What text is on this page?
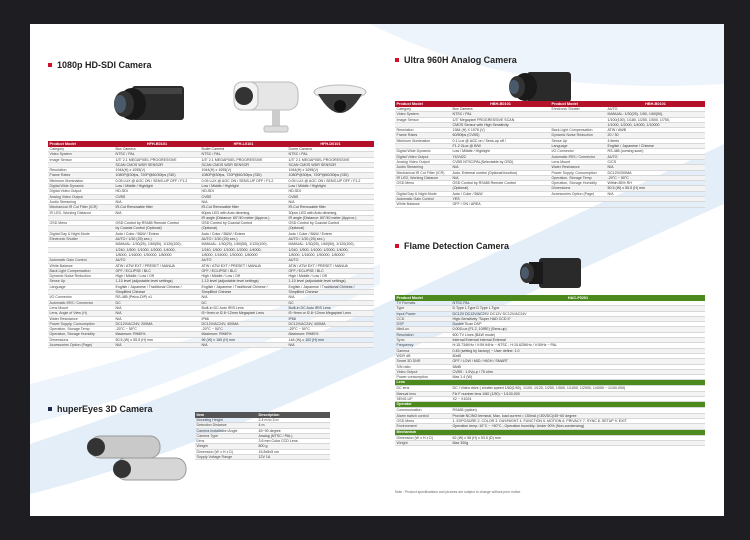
1080p HD-SDI Camera	Ultra 960H Analog Camera
Flame Detection Camera
huperEyes 3D Camera
Product Model	HFH-B0101	HFH-L0101	HFH-D0101
Category	Box Camera	Bullet Camera	Dome Camera
Video System	NTSC / PAL	NTSC / PAL	NTSC / PAL
Image Sensor	1/3" 2.1 MEGAPIXEL PROGRESSIVE	1/3" 2.1 MEGAPIXEL PROGRESSIVE	1/3" 2.1 MEGAPIXEL PROGRESSIVE
	SCAN CMOS WDR SENSOR	SCAN CMOS WDR SENSOR	SCAN CMOS WDR SENSOR
Resolution	1944(H) x 1095(V)	1944(H) x 1095(V)	1944(H) x 1095(V)
Frame Rates	1080P@30fps, 720P@60/30fps (SDI)	1080P@30fps, 720P@60/30fps (SDI)	1080P@30fps, 720P@60/30fps (SDI)
Minimum Illumination	0.05 LUX @ AGC ON / SENS-UP OFF / F1.2	0.05 LUX @ AGC ON / SENS-UP OFF / F1.2	0.05 LUX @ AGC ON / SENS-UP OFF / F1.2
Digital Wide Dynamic	Low / Middle / Highlight	Low / Middle / Highlight	Low / Middle / Highlight
Digital Video Output	HD-SDI	HD-SDI	HD-SDI
Analog Video Output	CVBS	CVBS	CVBS
Audio Streaming	N/A	N/A	N/A
Mechanical IR Cut Filter (ICR)	IR-Cut Removable filter	IR-Cut Removable filter	IR-Cut Removable filter
IR LED, Working Distance	N/A	60pcs LED with Auto dimming,	30pcs LED with Auto dimming,
		IR angle (Distance: 60°/40 meter (Approx.)	IR angle (Distance: 60°/40 meter (Approx.)
OSD Menu	OSD Control by RS485 Remote Control	OSD Control by Coaxial Control	OSD Control by Coaxial Control
	by Coaxial Control (Optional)	(Optional)	(Optional)
Digital Day & Night Mode	Auto / Color / B&W / Extern	Auto / Color / B&W / Extern	Auto / Color / B&W / Extern
Electronic Shutter	AUTO / 1/30 (25) sec.)	AUTO / 1/30 (25) sec.)	AUTO / 1/30 (25) sec.)
	MANUAL: 1/30(25), 1/60(50), 1/120(100),	MANUAL: 1/30(25), 1/60(50), 1/120(100),	MANUAL: 1/30(25), 1/60(50), 1/120(100),
	1/240, 1/500, 1/1000, 1/2000, 1/4000,	1/240, 1/500, 1/1000, 1/2000, 1/4000,	1/240, 1/500, 1/1000, 1/2000, 1/4000,
	1/8000, 1/16000, 1/50000, 1/80000	1/8000, 1/16000, 1/50000, 1/80000	1/8000, 1/16000, 1/50000, 1/80000
Automatic Gain Control	AUTO	AUTO	AUTO
White Balance	ATW / ATW EXT / PRESET / MANUA	ATW / ATW EXT / PRESET / MANUA	ATW / ATW EXT / PRESET / MANUA
Back Light Compensation	OFF / ECLIPSE / BLC	OFF / ECLIPSE / BLC	OFF / ECLIPSE / BLC
Dynamic Noise Reduction	High / Middle / Low / Off	High / Middle / Low / Off	High / Middle / Low / Off
Sense Up	1-10 level (adjustable level settings)	1-10 level (adjustable level settings)	1-10 level (adjustable level settings)
Language	English / Japanese / Traditional Chinese /	English / Japanese / Traditional Chinese /	English / Japanese / Traditional Chinese /
	Simplified Chinese	Simplified Chinese	Simplified Chinese
I/O Connector	RS-485 (Pelco-D/P) x1	N/A	N/A
Automatic IRIS / Connector	DC	DC	DC
Lens Mount	N/A	Built-in DC Auto IRIS Lens	Built-in DC Auto IRIS Lens
Lens, Angle of View (H)	N/A	f3~9mm or f2.8~12mm Megapixel Lens	f3~9mm or f2.8~12mm Megapixel Lens
Water Resistance	N/A	IP66	IP66
Power Supply, Consumption	DC12V/AC24V, 200MA	DC12V/AC24V, 400MA	DC12V/AC24V, 400MA
Operation, Storage Temp	-20°C ~ 50°C	-20°C ~ 50°C	-20°C ~ 50°C
Operation, Storage Humidity	Maximum: RH80%	Maximum: RH80%	Maximum: RH80%
Dimensions	50.5 (W) x 55.5 (H) mm	96 (W) x 165 (H) mm	148 (W) x 102 (H) mm
Accessories Option (Page)	N/A	N/A	N/A
Product Model	HBH-B0101	Product Model	HBH-B0101
Category	Box Camera	Electronic Shutter	AUTO
Video System	NTSC / PAL		MANUAL: 1/30(25), 1/50, 1/60(50),
Image Sensor	1/3" Megapixel PROGRESSIVE SCAN		1/100(100), 1/180, 1/250, 1/500, 1/750,
	CMOS Sensor with High Sensitivity		1/1000, 1/2000, 1/4000, 1/10000
Resolution	1384 (H) X 1076 (V)	Back Light Compensation	ATW / AWB
Frame Rates	60/50fps (CVBS)	Dynamic Noise Reduction	20 / 30
Minimum Illumination	0.1 Lux @ AGC on / Sens-up off /	Sense Up	4 times
	F1.2 0Lux @ B/W	Language	English / Japanese / Chinese
Digital Wide Dynamic	Low / Middle / Highlight	I/O Connector	RS-485 (coming soon)
Digital Video Output	YUV422	Automatic IRIS / Connector	AUTO
Analog Video Output	CVBS NTSC/PAL(Selectable by OSD)	Lens Mount	C/CS
Audio Streaming	N/A	Water Resistance	N/A
Mechanical IR Cut Filter (ICR)	Auto, External control (Optional function)	Power Supply, Consumption	DC12V/200MA
IR LED, Working Distance	N/A	Operation, Storage Temp	-20°C ~ 50°C
OSD Menu	OSD Control by RS485 Remote Control	Operation, Storage Humidity	Within 85% RH
	(Optional)	Dimensions	50.5 (W) x 55.5 (H) mm
Digital Day & Night Mode	Auto / Color / B&W	Accessories Option (Page)	N/A
Automatic Gain Control	YES		
White Balance	OFF / ON / AREA		
Product Model	HAC-F0201
TV Formats	NTSC PAL
Type	D Type L Type D Type L Type
Input Power	DC12V DC12V/AC24V DC12V DC12V/AC24V
CCD	High-Sensitivity "Super HAD CCD II"
DSP	Double Scan DSP
MiniLux	0.001Lux (F1.2, 10IRE) (Sens-up)
Resolution	600 TV Lines (B&W mode)
Sync	Internal External Internal External
Frequency	H:15.734KHz / V:59.94Hz ~ NTSC ; H:15.625KHz / V:50Hz ~ PAL
Gamma	0.45 (setting by factory) ~ User define: 1.0
WDR dB	80dB
Smart 3D DNR	OFF / LOW / MID / HIGH / SMART
S/N ratio	58dB
Video Output	CVBS : 1.0Vp-p / 75 ohm
Power consumption	Max 1.4 (W)
Lens	
DC lens	DC / Video drive ( shutter speed 1/60(1/50), 1/100, 1/120, 1/250, 1/500, 1/1000, 1/2000, 1/4000 ~ 1/100,000)
Manual lens	Fix F number lens 1/60 (1/50) ~ 1/100,000
SENS-UP	X2 ~ X1024
Operator	
Communication	RS485 (option)
Alarm switch control	Provide NC/NO terminal, Max. load current = 150mA (<30VDC)/45~60 degree
OSD Menu	1. EXPOSURE 2. COLOR 3. DAY/NIGHT 4. FUNCTION 5. MOTION 6. PRIVACY 7. SYNC 8. SETUP 9. EXIT
Environment	Operation temp.:10°C ~ +50°C ; Operation humidity: Under 90% (Non-condensing)
Mechanism	
Dimension (W x H x D)	62 (W) x 58 (H) x 93.5 (D) mm
Weight	Max 300g
Note : Product specifications and pictures are subject to change without prior notice.
Item	Description
Mounting Height	2.4 m to 3 m
Detection Distance	4 m
Camera Installation Angle	45~90 degree
Camera Type	Analog (NTSC / PAL)
Lens	3.6 mm Color CCD Lens
Weight	800 g
Dimension (W x H x D)	15.8x5x5 cm
Supply Voltage Range	12V 1A
